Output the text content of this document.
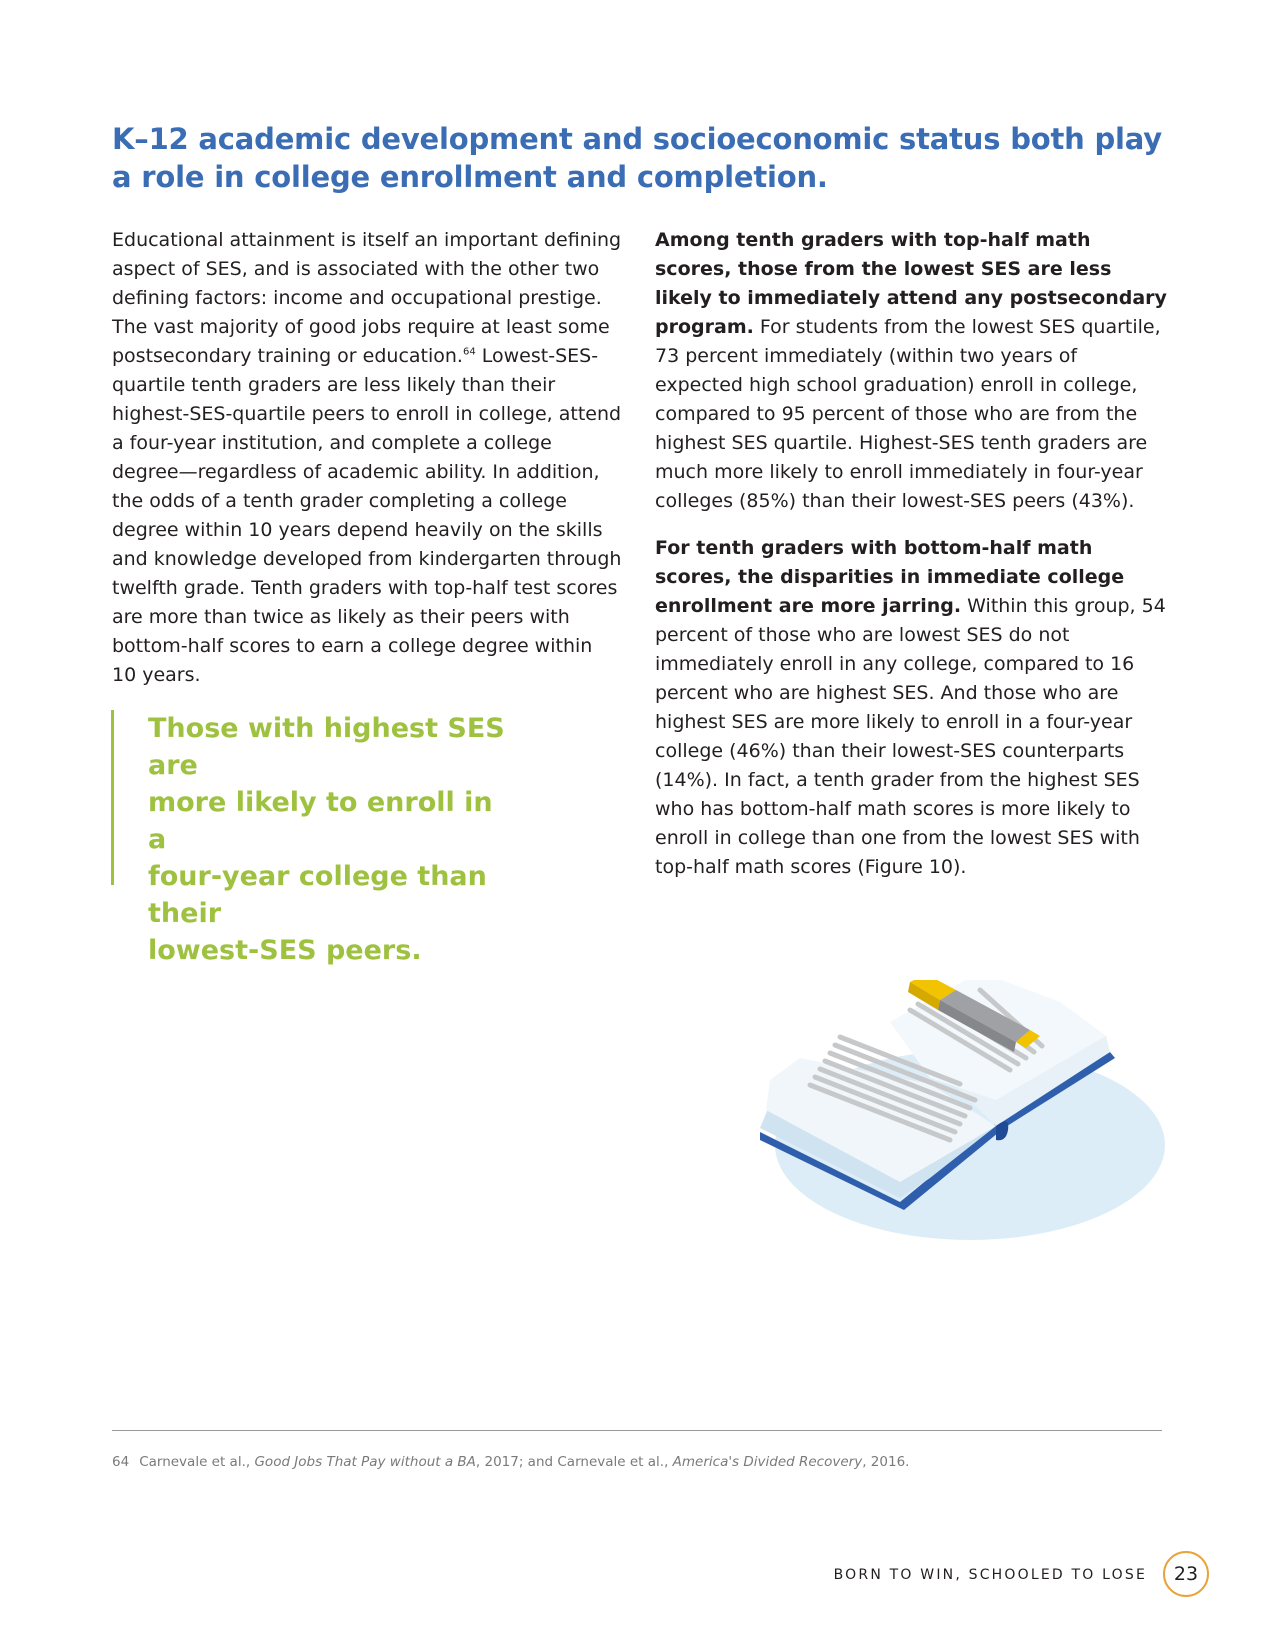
K–12 academic development and socioeconomic status both play a role in college enrollment and completion.

Educational attainment is itself an important defining aspect of SES, and is associated with the other two defining factors: income and occupational prestige. The vast majority of good jobs require at least some postsecondary training or education.$^{64}$ Lowest-SES-quartile tenth graders are less likely than their highest-SES-quartile peers to enroll in college, attend a four-year institution, and complete a college degree—regardless of academic ability. In addition, the odds of a tenth grader completing a college degree within 10 years depend heavily on the skills and knowledge developed from kindergarten through twelfth grade. Tenth graders with top-half test scores are more than twice as likely as their peers with bottom-half scores to earn a college degree within 10 years.

Among tenth graders with top-half math scores, those from the lowest SES are less likely to immediately attend any postsecondary program. For students from the lowest SES quartile, 73 percent immediately (within two years of expected high school graduation) enroll in college, compared to 95 percent of those who are from the highest SES quartile. Highest-SES tenth graders are much more likely to enroll immediately in four-year colleges (85%) than their lowest-SES peers (43%).

For tenth graders with bottom-half math scores, the disparities in immediate college enrollment are more jarring. Within this group, 54 percent of those who are lowest SES do not immediately enroll in any college, compared to 16 percent who are highest SES. And those who are highest SES are more likely to enroll in a four-year college (46%) than their lowest-SES counterparts (14%). In fact, a tenth grader from the highest SES who has bottom-half math scores is more likely to enroll in college than one from the lowest SES with top-half math scores (Figure 10).

Those with highest SES are
more likely to enroll in a
four-year college than their
lowest-SES peers.
64 Carnevale et al., Good Jobs That Pay without a BA, 2017; and Carnevale et al., America's Divided Recovery, 2016.
BORN TO WIN, SCHOOLED TO LOSE	23
